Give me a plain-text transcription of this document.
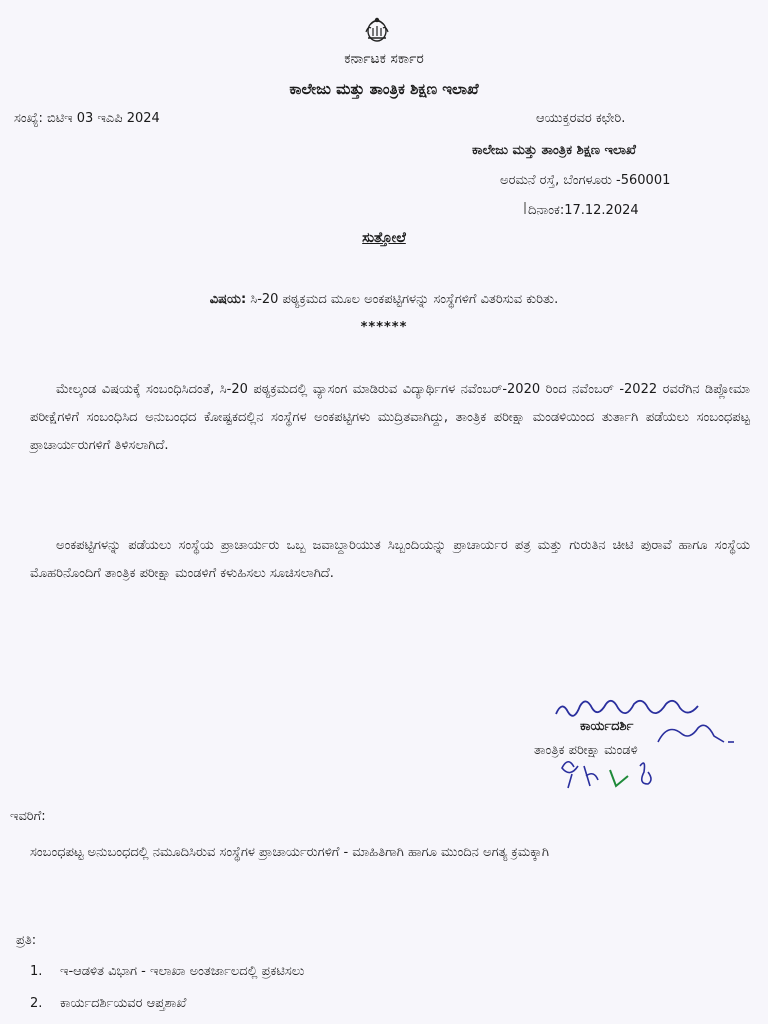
ಕರ್ನಾಟಕ ಸರ್ಕಾರ
ಕಾಲೇಜು ಮತ್ತು ತಾಂತ್ರಿಕ ಶಿಕ್ಷಣ ಇಲಾಖೆ
ಸಂಖ್ಯೆ: ಬಿಟಿಇ 03 ಇಎಪಿ 2024	ಆಯುಕ್ತರವರ ಕಛೇರಿ.
ಕಾಲೇಜು ಮತ್ತು ತಾಂತ್ರಿಕ ಶಿಕ್ಷಣ ಇಲಾಖೆ
ಅರಮನೆ ರಸ್ತೆ, ಬೆಂಗಳೂರು -560001
ದಿನಾಂಕ:17.12.2024
ಸುತ್ತೋಲೆ
ವಿಷಯ: ಸಿ-20 ಪಠ್ಯಕ್ರಮದ ಮೂಲ ಅಂಕಪಟ್ಟಿಗಳನ್ನು ಸಂಸ್ಥೆಗಳಿಗೆ ವಿತರಿಸುವ ಕುರಿತು.
******

ಮೇಲ್ಕಂಡ ವಿಷಯಕ್ಕೆ ಸಂಬಂಧಿಸಿದಂತೆ, ಸಿ-20 ಪಠ್ಯಕ್ರಮದಲ್ಲಿ ವ್ಯಾಸಂಗ ಮಾಡಿರುವ ವಿದ್ಯಾರ್ಥಿಗಳ ನವೆಂಬರ್-2020 ರಿಂದ ನವೆಂಬರ್ -2022 ರವರೆಗಿನ ಡಿಪ್ಲೋಮಾ ಪರೀಕ್ಷೆಗಳಿಗೆ ಸಂಬಂಧಿಸಿದ ಅನುಬಂಧದ ಕೋಷ್ಟಕದಲ್ಲಿನ ಸಂಸ್ಥೆಗಳ ಅಂಕಪಟ್ಟಿಗಳು ಮುದ್ರಿತವಾಗಿದ್ದು, ತಾಂತ್ರಿಕ ಪರೀಕ್ಷಾ ಮಂಡಳಿಯಿಂದ ತುರ್ತಾಗಿ ಪಡೆಯಲು ಸಂಬಂಧಪಟ್ಟ ಪ್ರಾಚಾರ್ಯರುಗಳಿಗೆ ತಿಳಿಸಲಾಗಿದೆ.

ಅಂಕಪಟ್ಟಿಗಳನ್ನು ಪಡೆಯಲು ಸಂಸ್ಥೆಯ ಪ್ರಾಚಾರ್ಯರು ಒಬ್ಬ ಜವಾಬ್ದಾರಿಯುತ ಸಿಬ್ಬಂದಿಯನ್ನು ಪ್ರಾಚಾರ್ಯರ ಪತ್ರ ಮತ್ತು ಗುರುತಿನ ಚೀಟಿ ಪುರಾವೆ ಹಾಗೂ ಸಂಸ್ಥೆಯ ಮೊಹರಿನೊಂದಿಗೆ ತಾಂತ್ರಿಕ ಪರೀಕ್ಷಾ ಮಂಡಳಿಗೆ ಕಳುಹಿಸಲು ಸೂಚಿಸಲಾಗಿದೆ.

ಕಾರ್ಯದರ್ಶಿ
ತಾಂತ್ರಿಕ ಪರೀಕ್ಷಾ ಮಂಡಳಿ
ಇವರಿಗೆ:
ಸಂಬಂಧಪಟ್ಟ ಅನುಬಂಧದಲ್ಲಿ ನಮೂದಿಸಿರುವ ಸಂಸ್ಥೆಗಳ ಪ್ರಾಚಾರ್ಯರುಗಳಿಗೆ - ಮಾಹಿತಿಗಾಗಿ ಹಾಗೂ ಮುಂದಿನ ಅಗತ್ಯ ಕ್ರಮಕ್ಕಾಗಿ
ಪ್ರತಿ:
1. ಇ-ಆಡಳಿತ ವಿಭಾಗ - ಇಲಾಖಾ ಅಂತರ್ಜಾಲದಲ್ಲಿ ಪ್ರಕಟಿಸಲು
2. ಕಾರ್ಯದರ್ಶಿಯವರ ಆಪ್ತಶಾಖೆ
